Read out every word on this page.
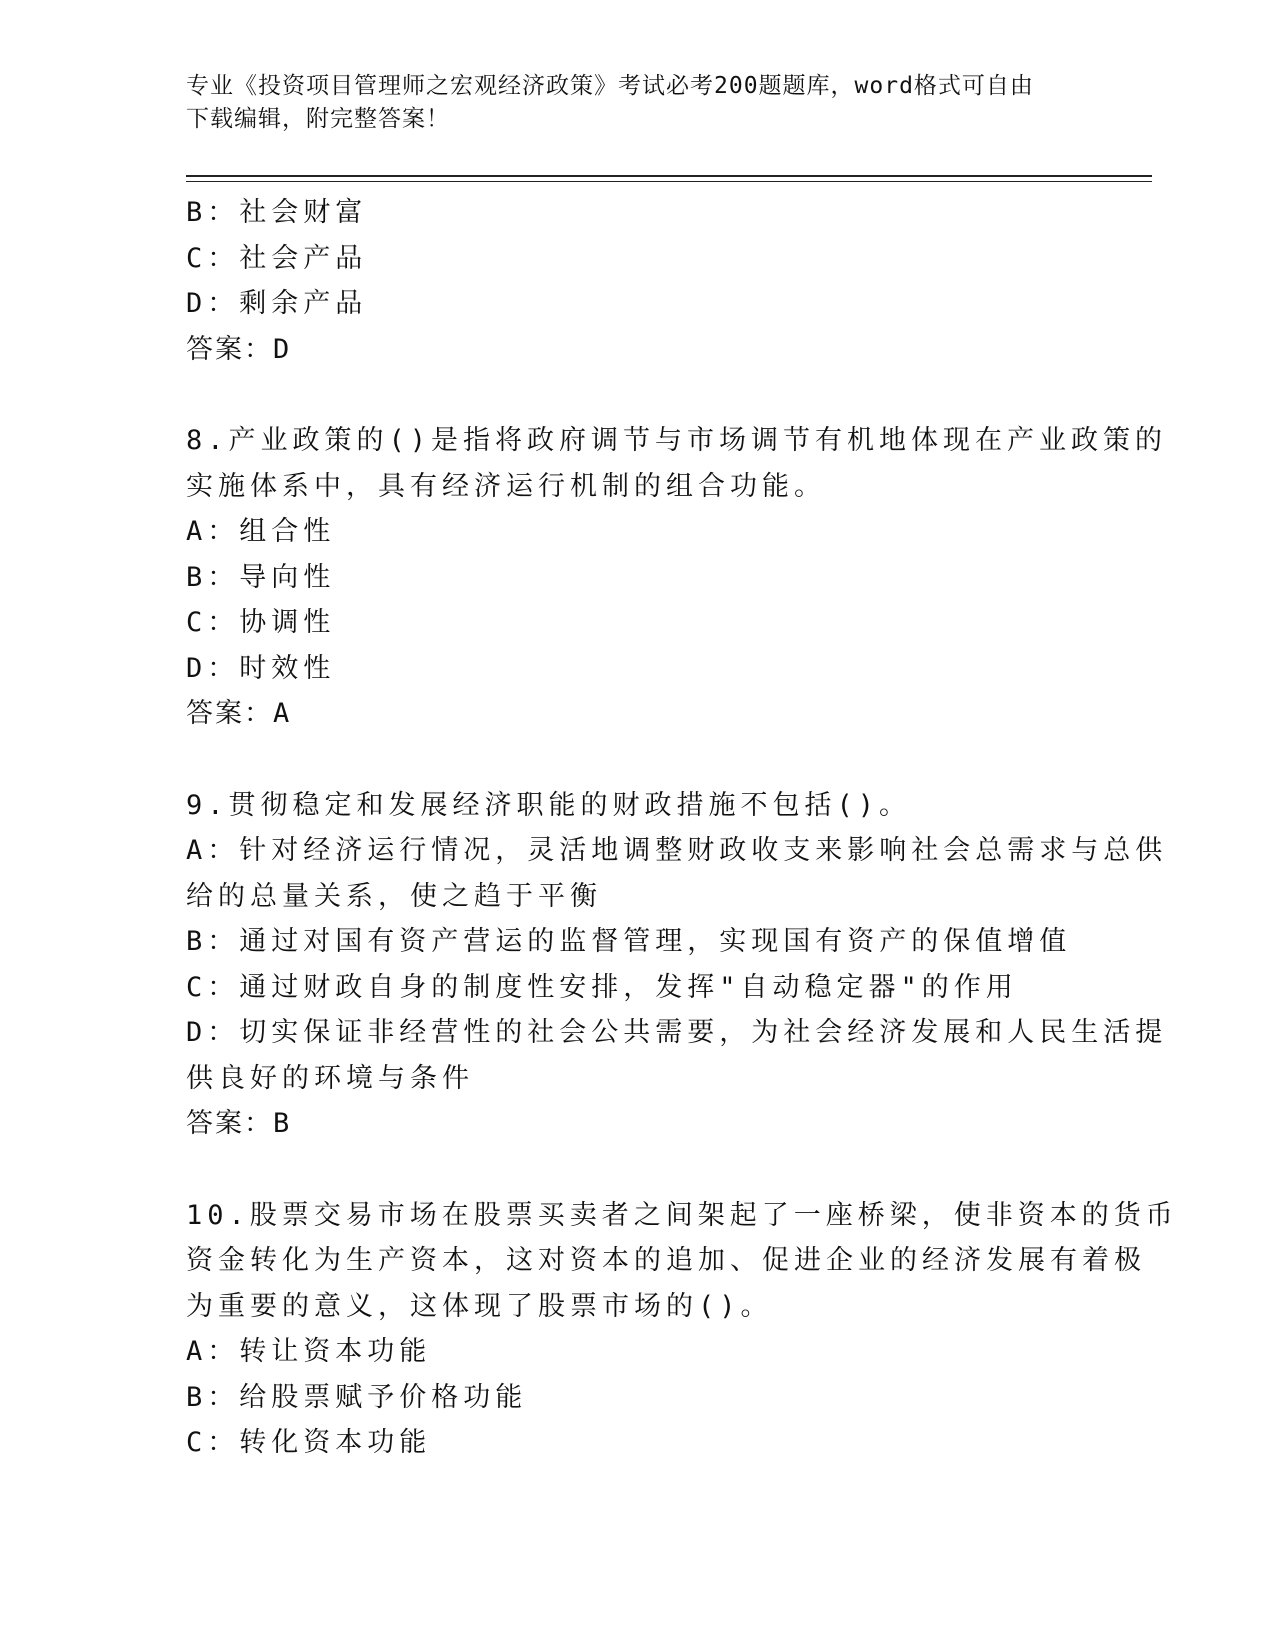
专业《投资项目管理师之宏观经济政策》考试必考200题题库，word格式可自由
下载编辑，附完整答案！
B：社会财富
C：社会产品
D：剩余产品
答案：D
8.产业政策的()是指将政府调节与市场调节有机地体现在产业政策的
实施体系中，具有经济运行机制的组合功能。
A：组合性
B：导向性
C：协调性
D：时效性
答案：A
9.贯彻稳定和发展经济职能的财政措施不包括()。
A：针对经济运行情况，灵活地调整财政收支来影响社会总需求与总供
给的总量关系，使之趋于平衡
B：通过对国有资产营运的监督管理，实现国有资产的保值增值
C：通过财政自身的制度性安排，发挥"自动稳定器"的作用
D：切实保证非经营性的社会公共需要，为社会经济发展和人民生活提
供良好的环境与条件
答案：B
10.股票交易市场在股票买卖者之间架起了一座桥梁，使非资本的货币
资金转化为生产资本，这对资本的追加、促进企业的经济发展有着极
为重要的意义，这体现了股票市场的()。
A：转让资本功能
B：给股票赋予价格功能
C：转化资本功能
